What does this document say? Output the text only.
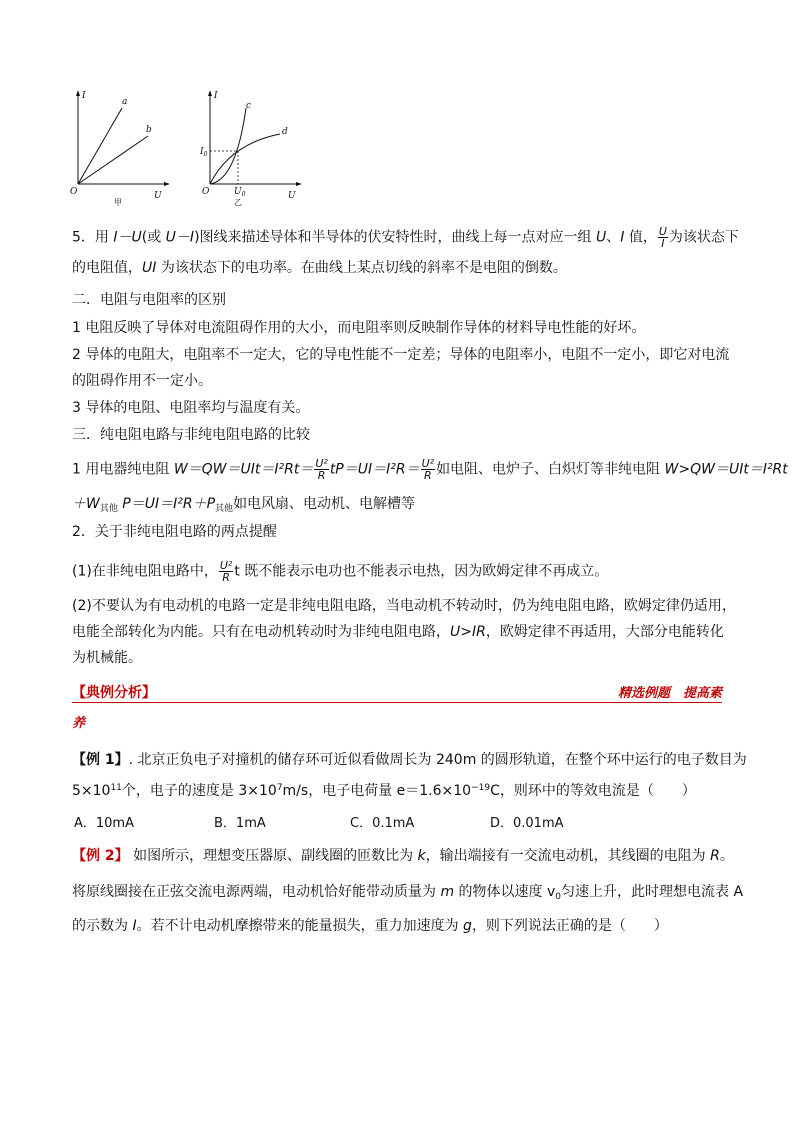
I
U
O
a
b
甲
I
U
O
c
d
$I_0$
$U_0$
乙
5．用 I－U(或 U－I)图线来描述导体和半导体的伏安特性时，曲线上每一点对应一组 U、I 值， $\frac{U}{I}$ 为该状态下
的电阻值，UI 为该状态下的电功率。在曲线上某点切线的斜率不是电阻的倒数。
二．电阻与电阻率的区别
1 电阻反映了导体对电流阻碍作用的大小，而电阻率则反映制作导体的材料导电性能的好坏。
2 导体的电阻大，电阻率不一定大，它的导电性能不一定差；导体的电阻率小，电阻不一定小，即它对电流
的阻碍作用不一定小。
3 导体的电阻、电阻率均与温度有关。
三．纯电阻电路与非纯电阻电路的比较
1 用电器纯电阻 $W=QW=UIt=I^2Rt= \frac{\text{U²}}{R} tP=UI=I^2R= \frac{\text{U²}}{R}$ 如电阻、电炉子、白炽灯等非纯电阻 W>QW＝UIt＝I²Rt
$+W_{其他}$ $P=UI=I^2R+P_{其他}$如电风扇、电动机、电解槽等
2．关于非纯电阻电路的两点提醒
(1)在非纯电阻电路中， $\frac{\text{U²}}{R}$ t 既不能表示电功也不能表示电热，因为欧姆定律不再成立。
(2)不要认为有电动机的电路一定是非纯电阻电路，当电动机不转动时，仍为纯电阻电路，欧姆定律仍适用，
电能全部转化为内能。只有在电动机转动时为非纯电阻电路，U>IR，欧姆定律不再适用，大部分电能转化
为机械能。
【典例分析】	精选例题　提高素
养
【例 1】. 北京正负电子对撞机的储存环可近似看做周长为 240m 的圆形轨道，在整个环中运行的电子数目为
$5\times 10^{11}$个，电子的速度是 $3\times 10^7m/s$，电子电荷量 $e=1.6\times 10^{-19}C$，则环中的等效电流是（　　）
A．10mA	B．1mA	C．0.1mA	D．0.01mA
【例 2】 如图所示，理想变压器原、副线圈的匝数比为 k，输出端接有一交流电动机，其线圈的电阻为 R。
将原线圈接在正弦交流电源两端，电动机恰好能带动质量为 m 的物体以速度 $v_0$匀速上升，此时理想电流表 A
的示数为 I。若不计电动机摩擦带来的能量损失，重力加速度为 g，则下列说法正确的是（　　）
